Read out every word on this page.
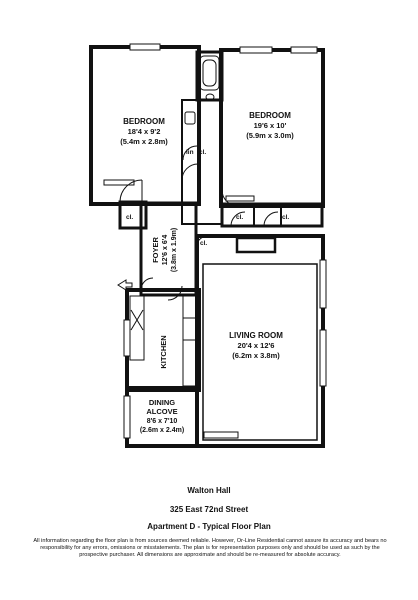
BEDROOM
18'4 x 9'2
(5.4m x 2.8m)
BEDROOM
19'6 x 10'
(5.9m x 3.0m)
lin cl.
cl.
cl.
cl.	cl.
FOYER 12'6 x 6'4 (3.8m x 1.9m)
KITCHEN
DINING
ALCOVE
8'6 x 7'10
(2.6m x 2.4m)
LIVING ROOM
20'4 x 12'6
(6.2m x 3.8m)
Walton Hall
325 East 72nd Street
Apartment D - Typical Floor Plan
All information regarding the floor plan is from sources deemed reliable. However, Or-Line Residential cannot assure its accuracy and bears no responsibility for any errors, omissions or misstatements. The plan is for representation purposes only and should be used as such by the prospective purchaser. All dimensions are approximate and should be re-measured for absolute accuracy.
